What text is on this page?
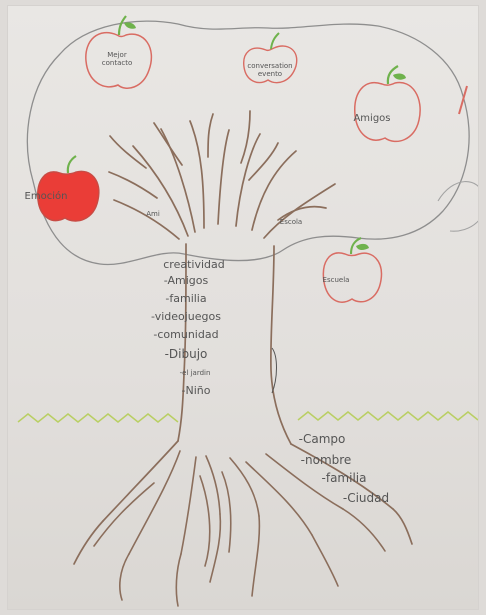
Mejor contacto	conversation evento
Amigos
Emoción
Escuela
Ami
Escola
creatividad
-Amigos
-familia
-videojuegos
-comunidad
-Dibujo
-el jardin
-Niño
-Campo
-nombre
-familia
-Ciudad
